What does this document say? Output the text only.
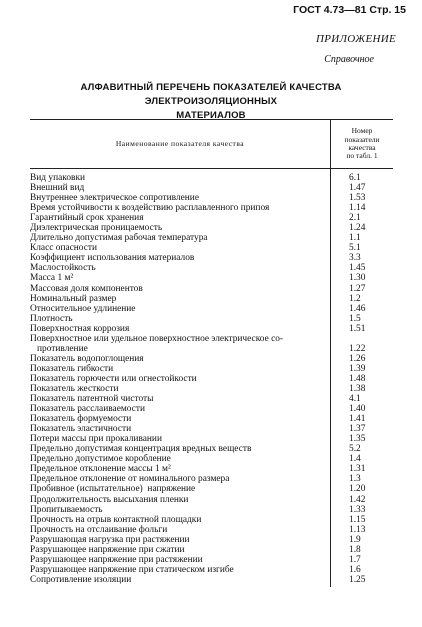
ГОСТ 4.73—81 Стр. 15
ПРИЛОЖЕНИЕ
Справочное
АЛФАВИТНЫЙ ПЕРЕЧЕНЬ ПОКАЗАТЕЛЕЙ КАЧЕСТВА ЭЛЕКТРОИЗОЛЯЦИОННЫХ
МАТЕРИАЛОВ
Наименование показателя качества	Номер
показатели
качества
по табл. 1

Вид упаковки	6.1
Внешний вид	1.47
Внутреннее электрическое сопротивление	1.53
Время устойчивости к воздействию расплавленного припоя	1.14
Гарантийный срок хранения	2.1
Диэлектрическая проницаемость	1.24
Длительно допустимая рабочая температура	1.1
Класс опасности	5.1
Коэффициент использования материалов	3.3
Маслостойкость	1.45
Масса 1 м²	1.30
Массовая доля компонентов	1.27
Номинальный размер	1.2
Относительное удлинение	1.46
Плотность	1.5
Поверхностная коррозия	1.51
Поверхностное или удельное поверхностное электрическое со-	
противление	1.22
Показатель водопоглощения	1.26
Показатель гибкости	1.39
Показатель горючести или огнестойкости	1.48
Показатель жесткости	1.38
Показатель патентной чистоты	4.1
Показатель расслаиваемости	1.40
Показатель формуемости	1.41
Показатель эластичности	1.37
Потери массы при прокаливании	1.35
Предельно допустимая концентрация вредных веществ	5.2
Предельно допустимое коробление	1.4
Предельное отклонение массы 1 м²	1.31
Предельное отклонение от номинального размера	1.3
Пробивное (испытательное)  напряжение	1.20
Продолжительность высыхания пленки	1.42
Пропитываемость	1.33
Прочность на отрыв контактной площадки	1.15
Прочность на отслаивание фольги	1.13
Разрушающая нагрузка при растяжении	1.9
Разрушающее напряжение при сжатии	1.8
Разрушающее напряжение при растяжении	1.7
Разрушающее напряжение при статическом изгибе	1.6
Сопротивление изоляции	1.25
